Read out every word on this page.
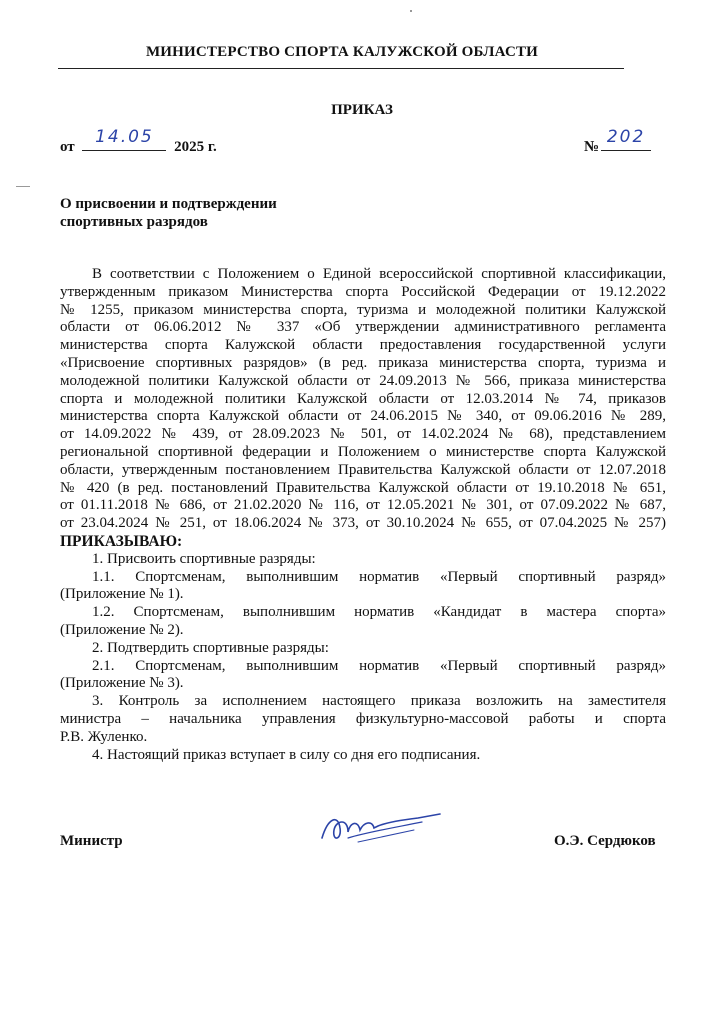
МИНИСТЕРСТВО СПОРТА КАЛУЖСКОЙ ОБЛАСТИ
ПРИКАЗ
от	14.05	2025 г.	№ 202
О присвоении и подтверждении
спортивных разрядов

В соответствии с Положением о Единой всероссийской спортивной классификации,

утвержденным приказом Министерства спорта Российской Федерации от 19.12.2022

№ 1255, приказом министерства спорта, туризма и молодежной политики Калужской

области от 06.06.2012 № 337 «Об утверждении административного регламента

министерства спорта Калужской области предоставления государственной услуги

«Присвоение спортивных разрядов» (в ред. приказа министерства спорта, туризма и

молодежной политики Калужской области от 24.09.2013 № 566, приказа министерства

спорта и молодежной политики Калужской области от 12.03.2014 № 74, приказов

министерства спорта Калужской области от 24.06.2015 № 340, от 09.06.2016 № 289,

от 14.09.2022 № 439, от 28.09.2023 № 501, от 14.02.2024 № 68), представлением

региональной спортивной федерации и Положением о министерстве спорта Калужской

области, утвержденным постановлением Правительства Калужской области от 12.07.2018

№ 420 (в ред. постановлений Правительства Калужской области от 19.10.2018 № 651,

от 01.11.2018 № 686, от 21.02.2020 № 116, от 12.05.2021 № 301, от 07.09.2022 № 687,

от 23.04.2024 № 251, от 18.06.2024 № 373, от 30.10.2024 № 655, от 07.04.2025 № 257)

ПРИКАЗЫВАЮ:

1. Присвоить спортивные разряды:

1.1. Спортсменам, выполнившим норматив «Первый спортивный разряд»

(Приложение № 1).

1.2. Спортсменам, выполнившим норматив «Кандидат в мастера спорта»

(Приложение № 2).

2. Подтвердить спортивные разряды:

2.1. Спортсменам, выполнившим норматив «Первый спортивный разряд»

(Приложение № 3).

3. Контроль за исполнением настоящего приказа возложить на заместителя

министра – начальника управления физкультурно-массовой работы и спорта

Р.В. Жуленко.

4. Настоящий приказ вступает в силу со дня его подписания.

Министр	О.Э. Сердюков
